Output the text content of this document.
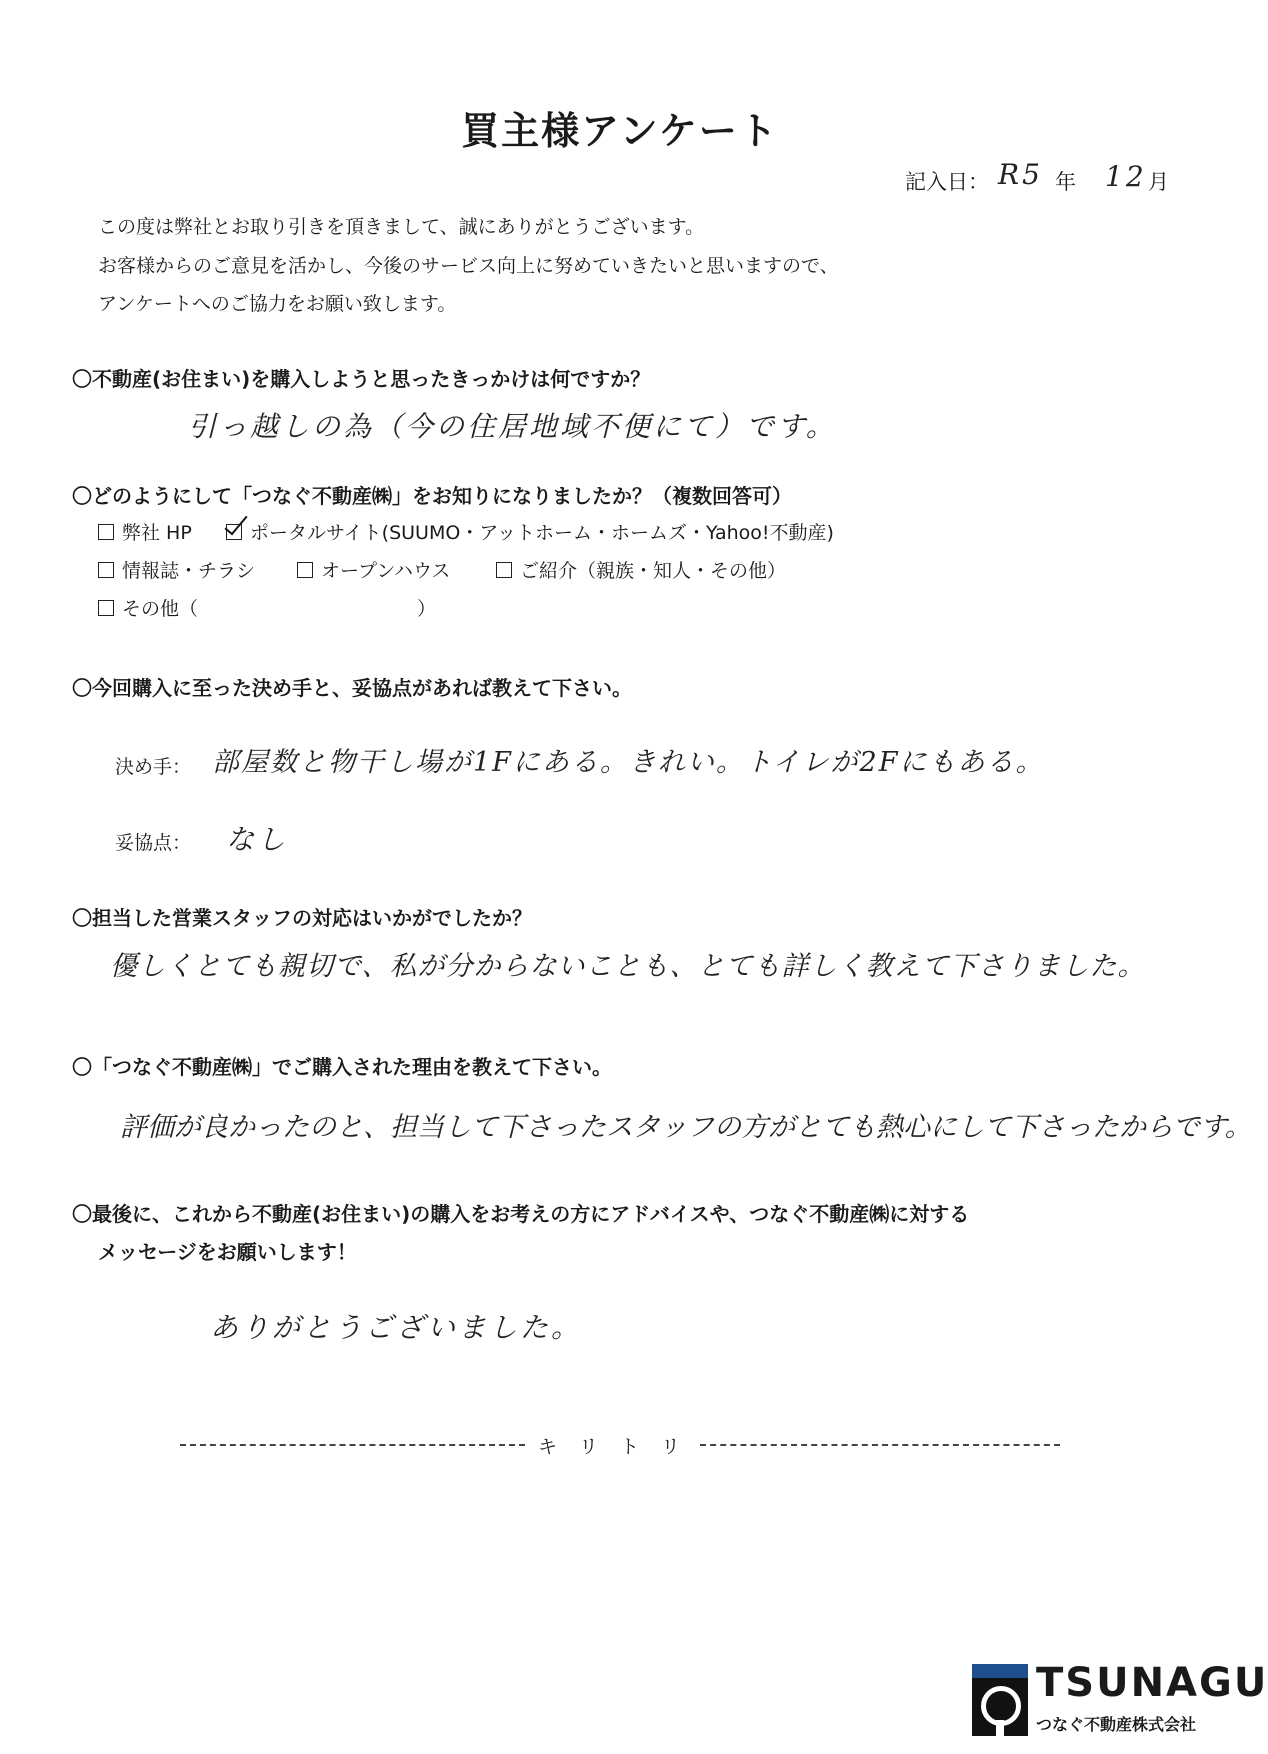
買主様アンケート
記入日： R5 年 12 月
この度は弊社とお取り引きを頂きまして、誠にありがとうございます。
お客様からのご意見を活かし、今後のサービス向上に努めていきたいと思いますので、
アンケートへのご協力をお願い致します。
〇不動産(お住まい)を購入しようと思ったきっかけは何ですか？
引っ越しの為（今の住居地域不便にて）です。
〇どのようにして「つなぐ不動産㈱」をお知りになりましたか？（複数回答可）
弊社 HP	ポータルサイト(SUUMO・アットホーム・ホームズ・Yahoo!不動産)
情報誌・チラシ	オープンハウス	ご紹介（親族・知人・その他）
その他（	）
〇今回購入に至った決め手と、妥協点があれば教えて下さい。
決め手： 部屋数と物干し場が1Fにある。きれい。トイレが2Fにもある。
妥協点： なし
〇担当した営業スタッフの対応はいかがでしたか？
優しくとても親切で、私が分からないことも、とても詳しく教えて下さりました。
〇「つなぐ不動産㈱」でご購入された理由を教えて下さい。
評価が良かったのと、担当して下さったスタッフの方がとても熱心にして下さったからです。
〇最後に、これから不動産(お住まい)の購入をお考えの方にアドバイスや、つなぐ不動産㈱に対する
メッセージをお願いします！
ありがとうございました。
キリトリ
TSUNAGU
つなぐ不動産株式会社
